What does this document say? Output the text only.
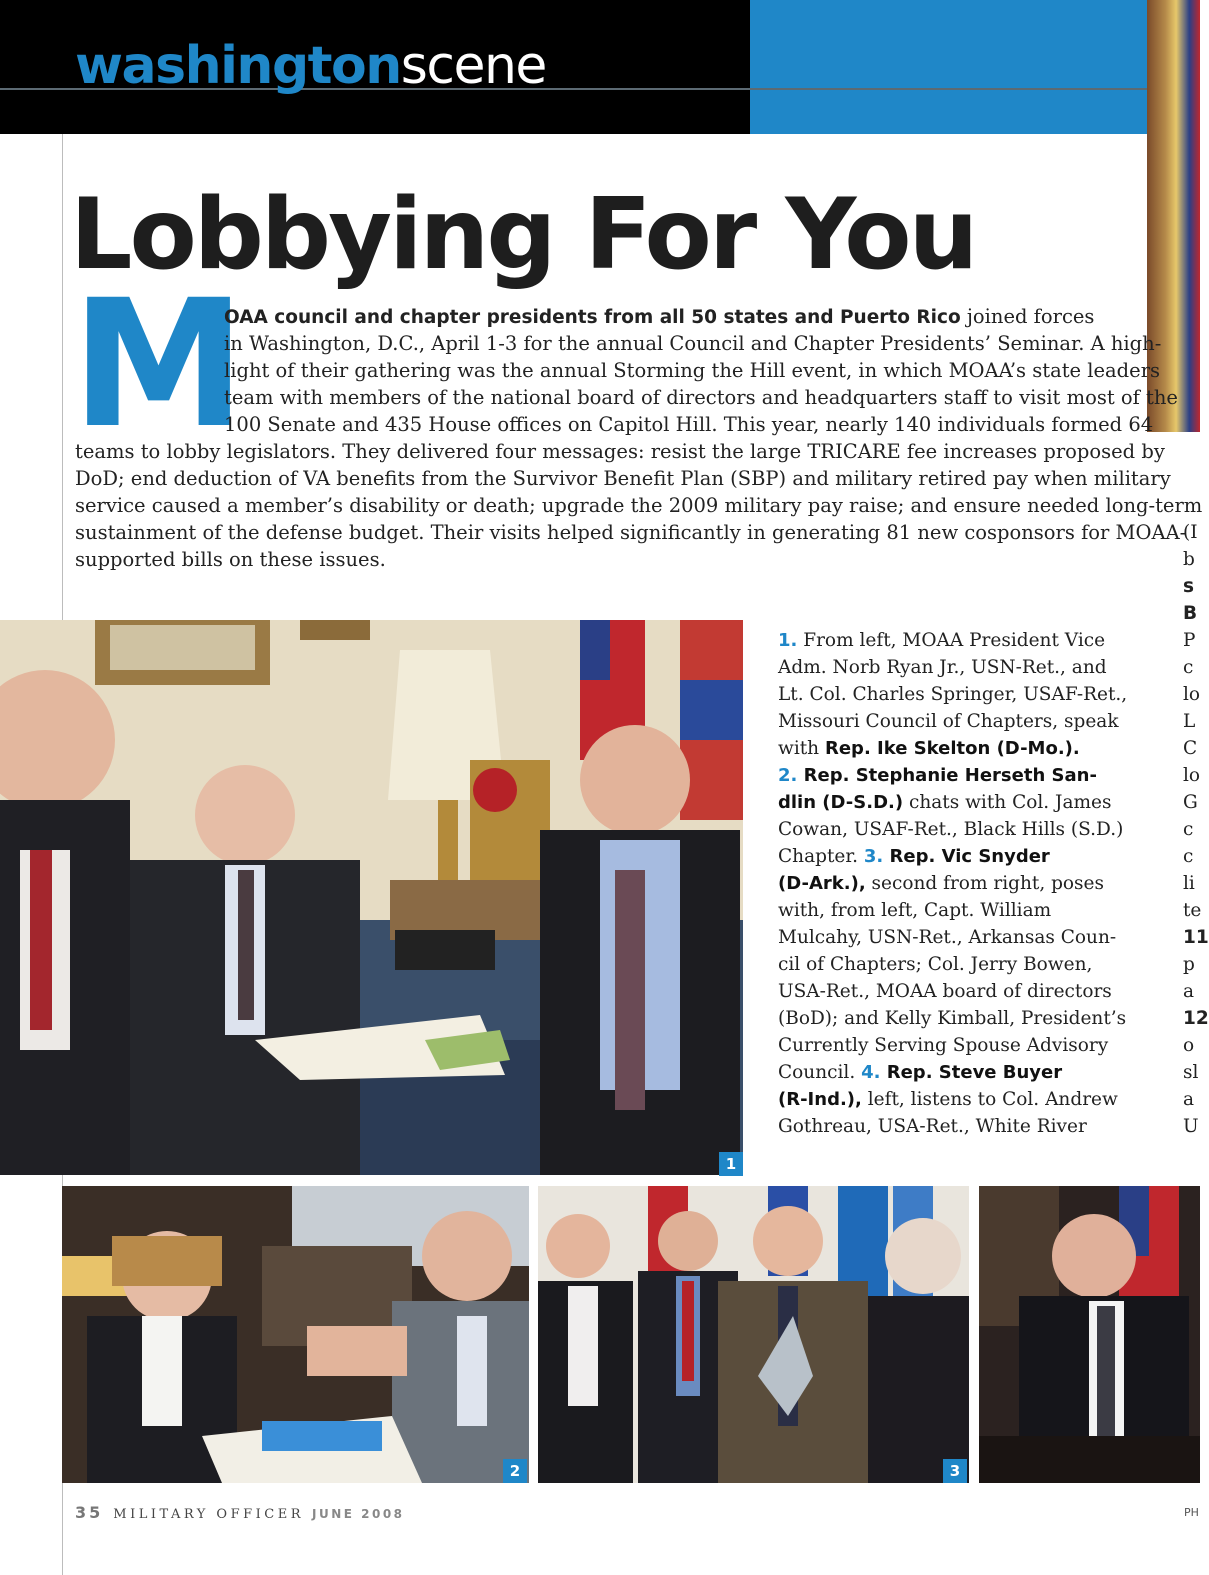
washingtonscene
Lobbying For You
M
OAA council and chapter presidents from all 50 states and Puerto Rico joined forces
in Washington, D.C., April 1-3 for the annual Council and Chapter Presidents’ Seminar. A high-
light of their gathering was the annual Storming the Hill event, in which MOAA’s state leaders
team with members of the national board of directors and headquarters staff to visit most of the
100 Senate and 435 House offices on Capitol Hill. This year, nearly 140 individuals formed 64
teams to lobby legislators. They delivered four messages: resist the large TRICARE fee increases proposed by
DoD; end deduction of VA benefits from the Survivor Benefit Plan (SBP) and military retired pay when military
service caused a member’s disability or death; upgrade the 2009 military pay raise; and ensure needed long-term
sustainment of the defense budget. Their visits helped significantly in generating 81 new cosponsors for MOAA-
supported bills on these issues.
1
1. From left, MOAA President Vice
Adm. Norb Ryan Jr., USN-Ret., and
Lt. Col. Charles Springer, USAF-Ret.,
Missouri Council of Chapters, speak
with Rep. Ike Skelton (D-Mo.).
2. Rep. Stephanie Herseth San-
dlin (D-S.D.) chats with Col. James
Cowan, USAF-Ret., Black Hills (S.D.)
Chapter. 3. Rep. Vic Snyder
(D-Ark.), second from right, poses
with, from left, Capt. William
Mulcahy, USN-Ret., Arkansas Coun-
cil of Chapters; Col. Jerry Bowen,
USA-Ret., MOAA board of directors
(BoD); and Kelly Kimball, President’s
Currently Serving Spouse Advisory
Council. 4. Rep. Steve Buyer
(R-Ind.), left, listens to Col. Andrew
Gothreau, USA-Ret., White River
(I
b
s
B
P
c
lo
L
C
lo
G
c
c
li
te
11
p
a
12
o
sl
a
U
2	3
35 MILITARY OFFICER JUNE 2008	PH
